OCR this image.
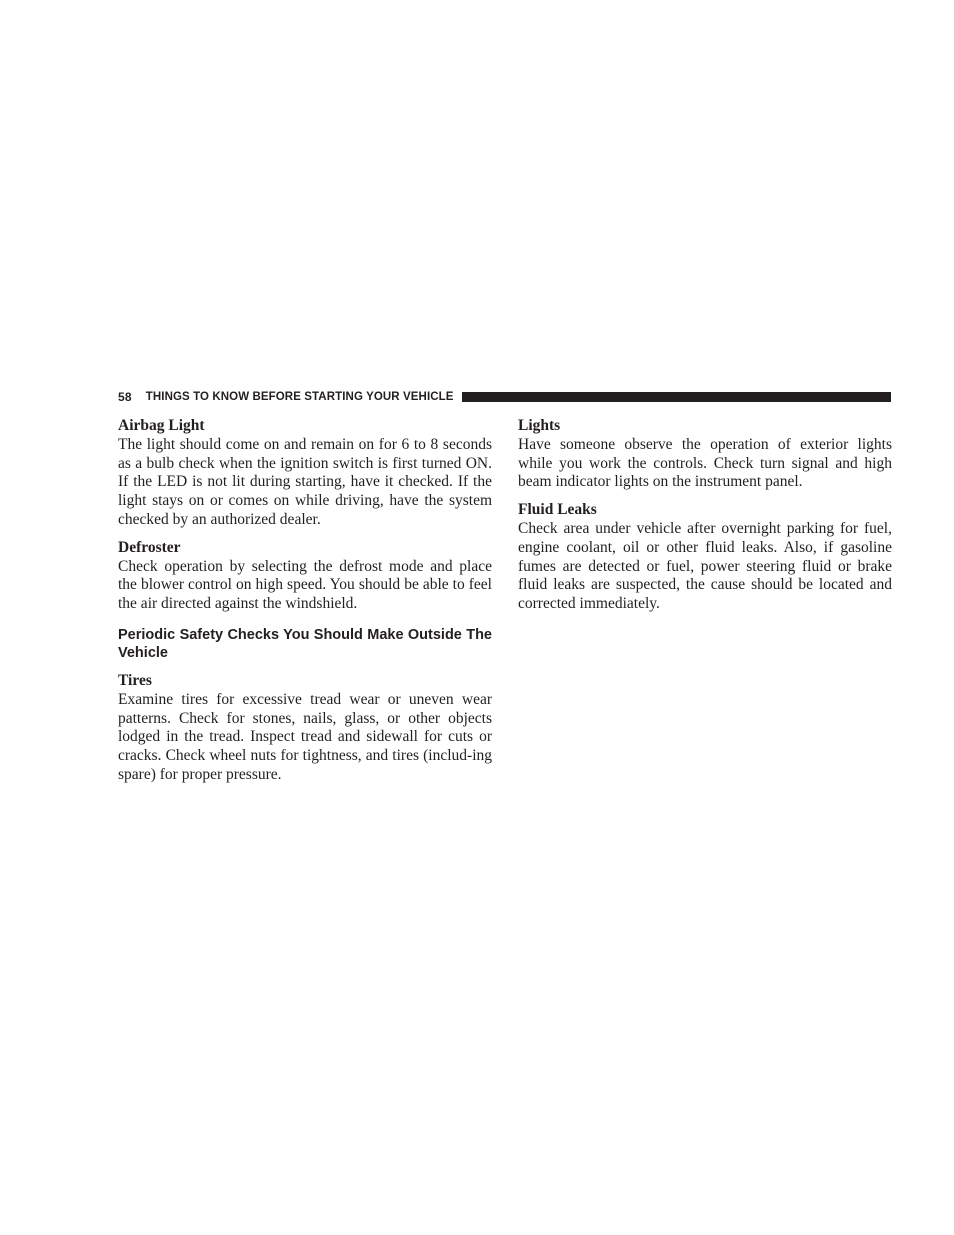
58 THINGS TO KNOW BEFORE STARTING YOUR VEHICLE

Airbag Light

The light should come on and remain on for 6 to 8 seconds as a bulb check when the ignition switch is first turned ON. If the LED is not lit during starting, have it checked. If the light stays on or comes on while driving, have the system checked by an authorized dealer.

Defroster

Check operation by selecting the defrost mode and place the blower control on high speed. You should be able to feel the air directed against the windshield.

Periodic Safety Checks You Should Make Outside The Vehicle

Tires

Examine tires for excessive tread wear or uneven wear patterns. Check for stones, nails, glass, or other objects lodged in the tread. Inspect tread and sidewall for cuts or cracks. Check wheel nuts for tightness, and tires (includ-ing spare) for proper pressure.

Lights

Have someone observe the operation of exterior lights while you work the controls. Check turn signal and high beam indicator lights on the instrument panel.

Fluid Leaks

Check area under vehicle after overnight parking for fuel, engine coolant, oil or other fluid leaks. Also, if gasoline fumes are detected or fuel, power steering fluid or brake fluid leaks are suspected, the cause should be located and corrected immediately.
